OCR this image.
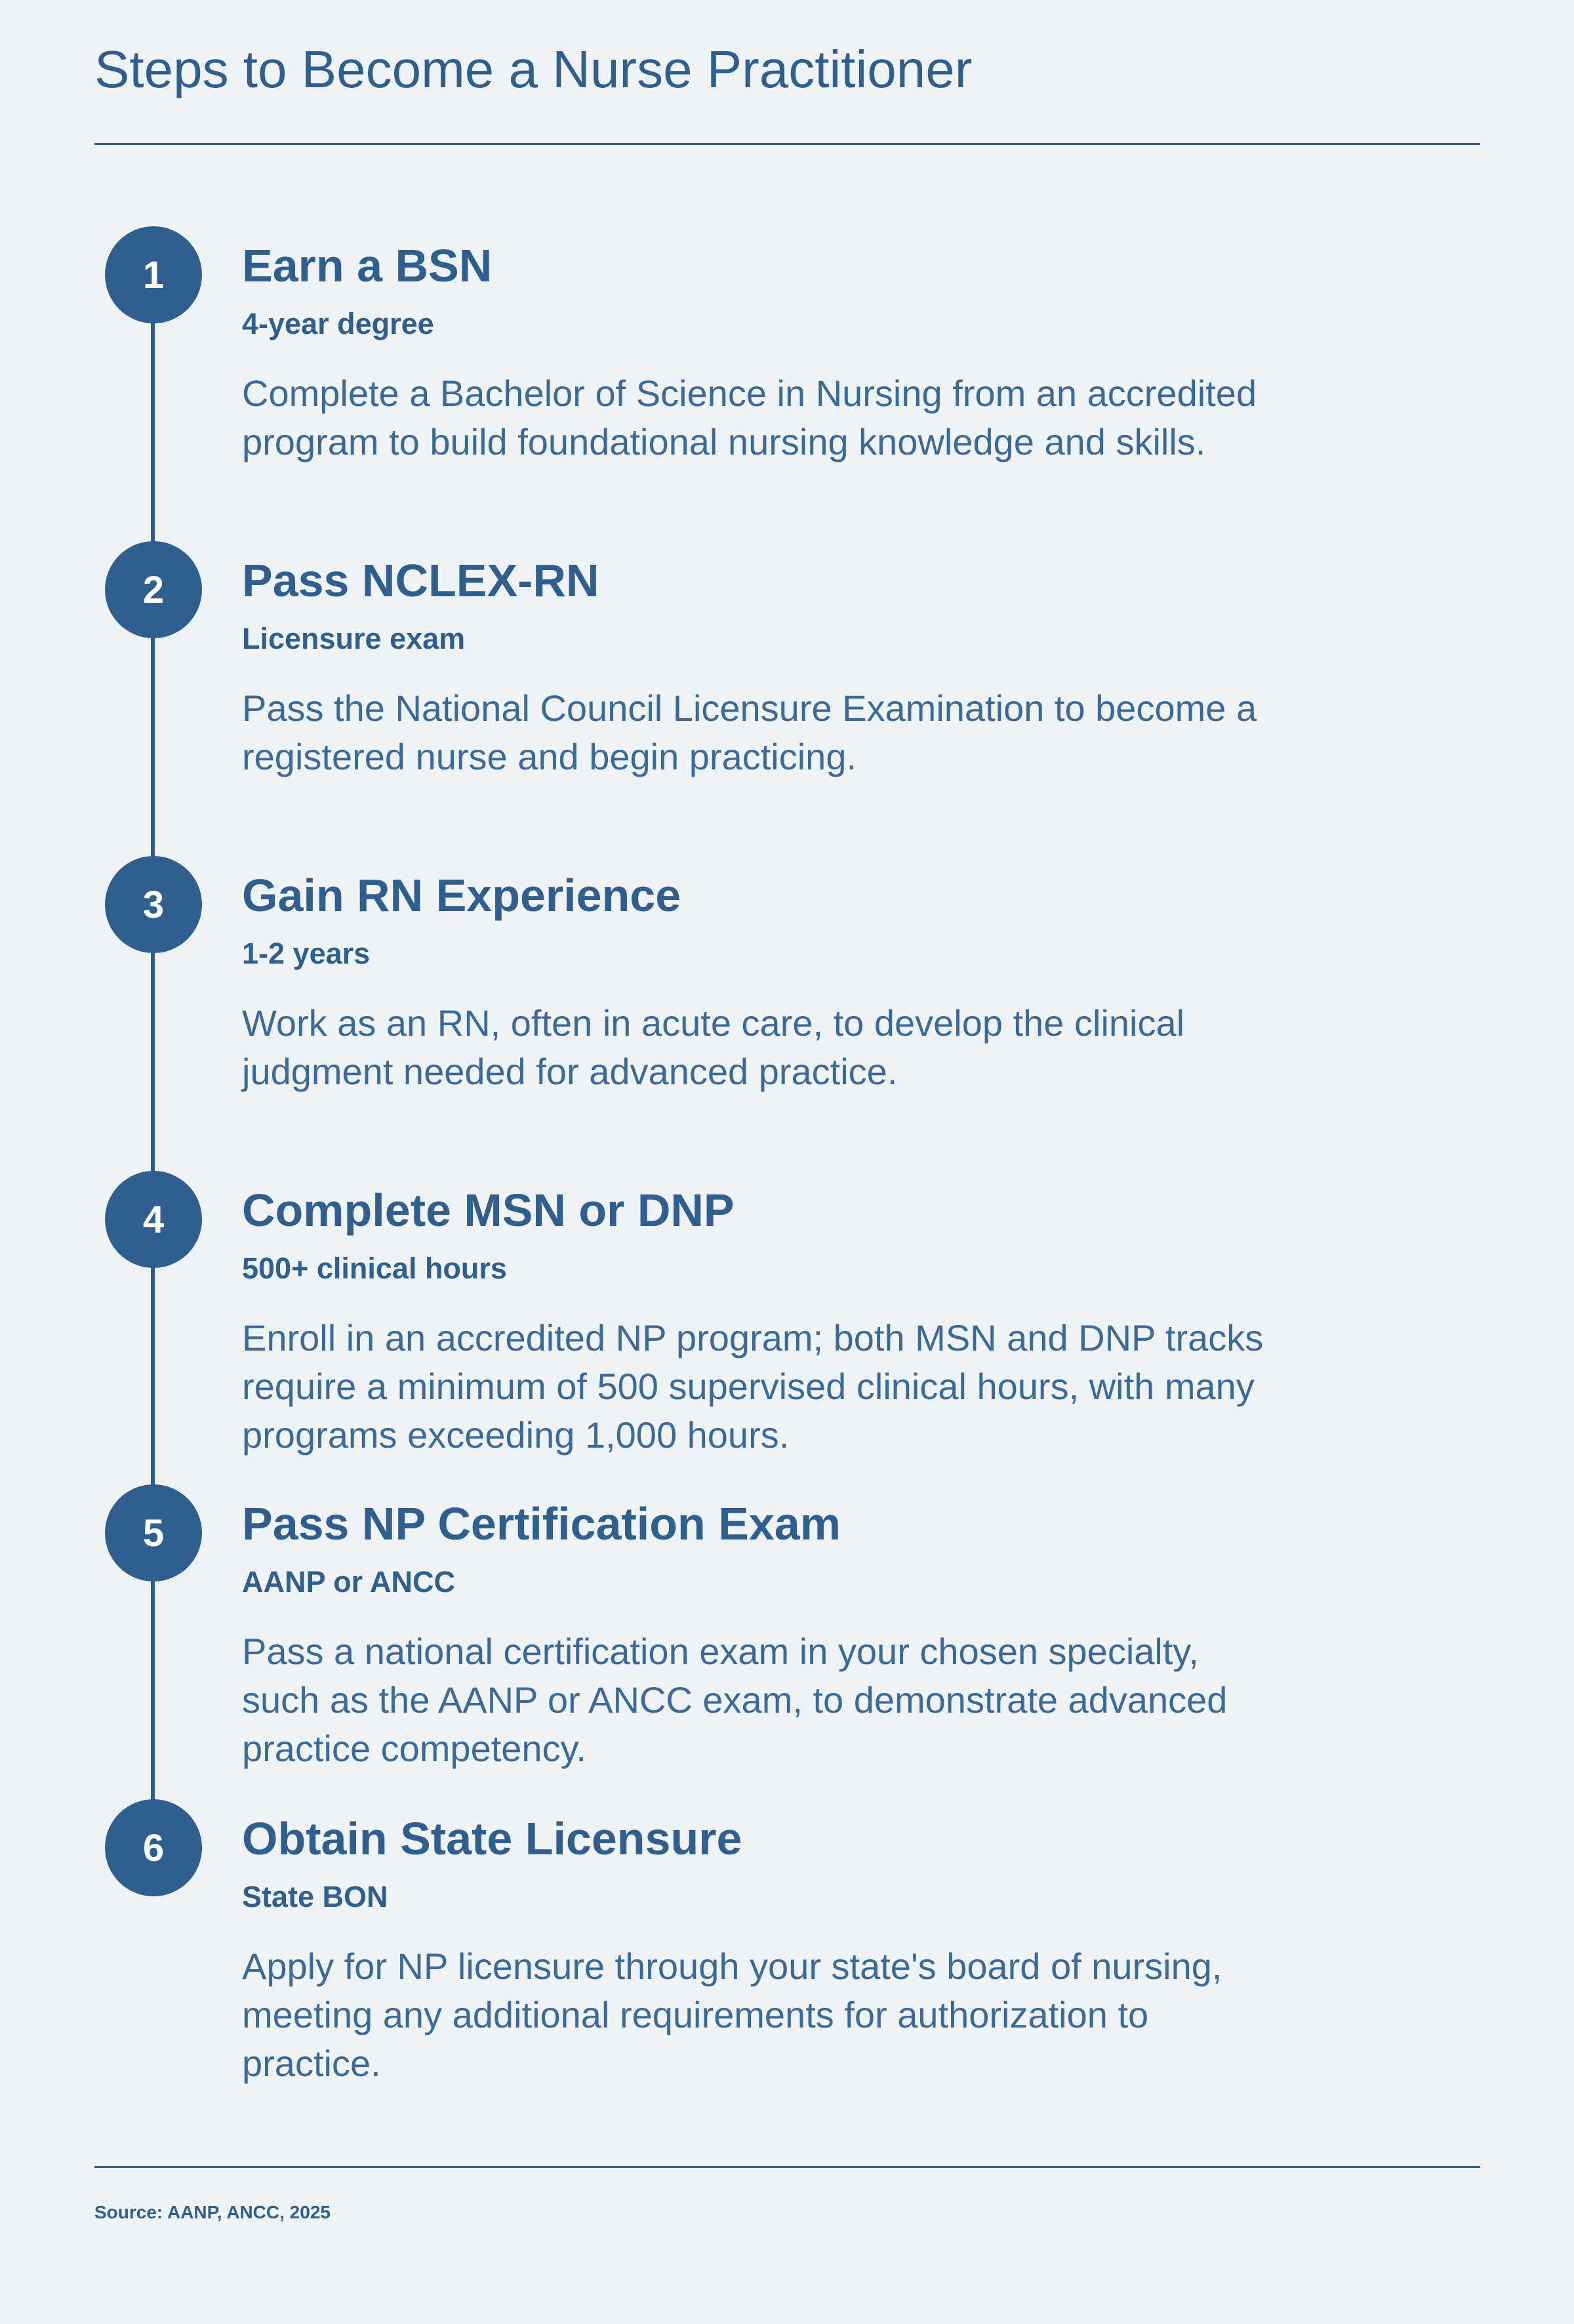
Steps to Become a Nurse Practitioner
1	Earn a BSN
4-year degree
Complete a Bachelor of Science in Nursing from an accredited program to build foundational nursing knowledge and skills.
2	Pass NCLEX-RN
Licensure exam
Pass the National Council Licensure Examination to become a registered nurse and begin practicing.
3	Gain RN Experience
1-2 years
Work as an RN, often in acute care, to develop the clinical judgment needed for advanced practice.
4	Complete MSN or DNP
500+ clinical hours
Enroll in an accredited NP program; both MSN and DNP tracks require a minimum of 500 supervised clinical hours, with many programs exceeding 1,000 hours.
5	Pass NP Certification Exam
AANP or ANCC
Pass a national certification exam in your chosen specialty, such as the AANP or ANCC exam, to demonstrate advanced practice competency.
6	Obtain State Licensure
State BON
Apply for NP licensure through your state's board of nursing, meeting any additional requirements for authorization to practice.
Source: AANP, ANCC, 2025
